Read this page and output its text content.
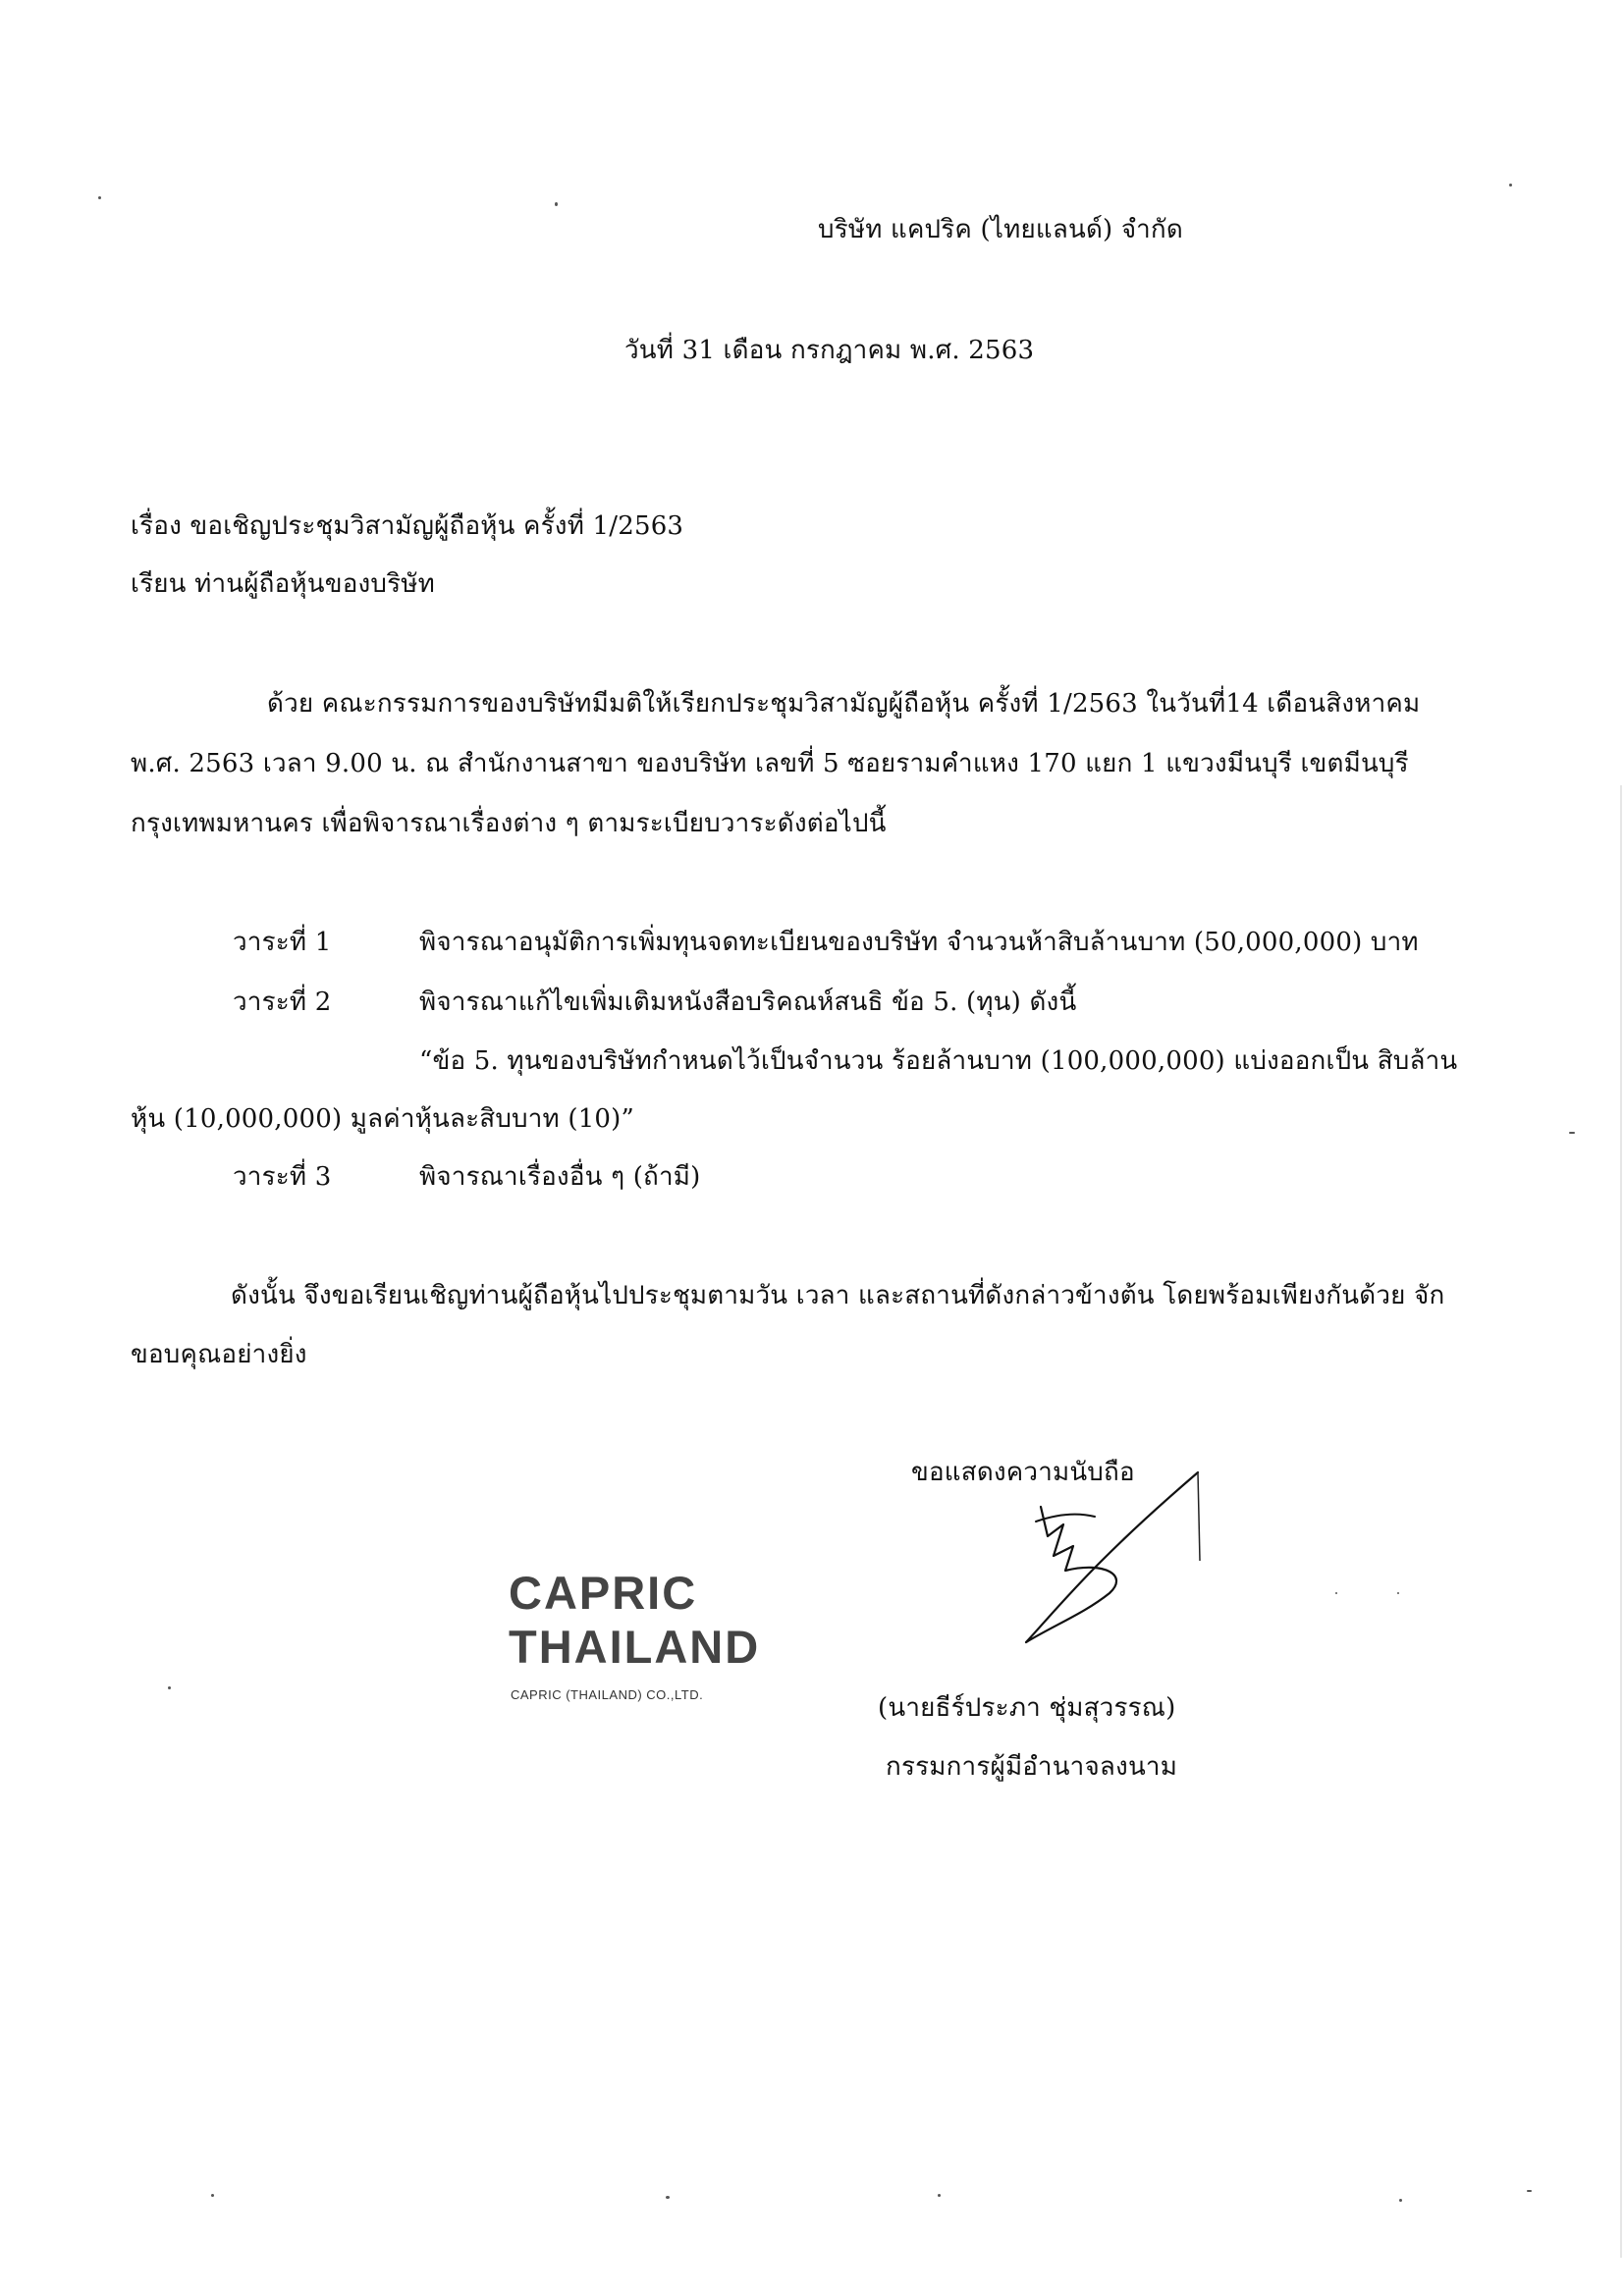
บริษัท แคปริค (ไทยแลนด์) จำกัด
วันที่ 31 เดือน กรกฎาคม พ.ศ. 2563
เรื่อง ขอเชิญประชุมวิสามัญผู้ถือหุ้น ครั้งที่ 1/2563
เรียน ท่านผู้ถือหุ้นของบริษัท
ด้วย คณะกรรมการของบริษัทมีมติให้เรียกประชุมวิสามัญผู้ถือหุ้น ครั้งที่ 1/2563 ในวันที่14 เดือนสิงหาคม
พ.ศ. 2563 เวลา 9.00 น. ณ สำนักงานสาขา ของบริษัท เลขที่ 5 ซอยรามคำแหง 170 แยก 1 แขวงมีนบุรี เขตมีนบุรี
กรุงเทพมหานคร เพื่อพิจารณาเรื่องต่าง ๆ ตามระเบียบวาระดังต่อไปนี้
วาระที่ 1	พิจารณาอนุมัติการเพิ่มทุนจดทะเบียนของบริษัท จำนวนห้าสิบล้านบาท (50,000,000) บาท
วาระที่ 2	พิจารณาแก้ไขเพิ่มเติมหนังสือบริคณห์สนธิ ข้อ 5. (ทุน) ดังนี้
“ข้อ 5. ทุนของบริษัทกำหนดไว้เป็นจำนวน ร้อยล้านบาท (100,000,000) แบ่งออกเป็น สิบล้าน
หุ้น (10,000,000) มูลค่าหุ้นละสิบบาท (10)”
วาระที่ 3	พิจารณาเรื่องอื่น ๆ (ถ้ามี)
ดังนั้น จึงขอเรียนเชิญท่านผู้ถือหุ้นไปประชุมตามวัน เวลา และสถานที่ดังกล่าวข้างต้น โดยพร้อมเพียงกันด้วย จัก
ขอบคุณอย่างยิ่ง
ขอแสดงความนับถือ
CAPRIC
THAILAND
CAPRIC (THAILAND) CO.,LTD.	(นายธีร์ประภา ชุ่มสุวรรณ)
กรรมการผู้มีอำนาจลงนาม
